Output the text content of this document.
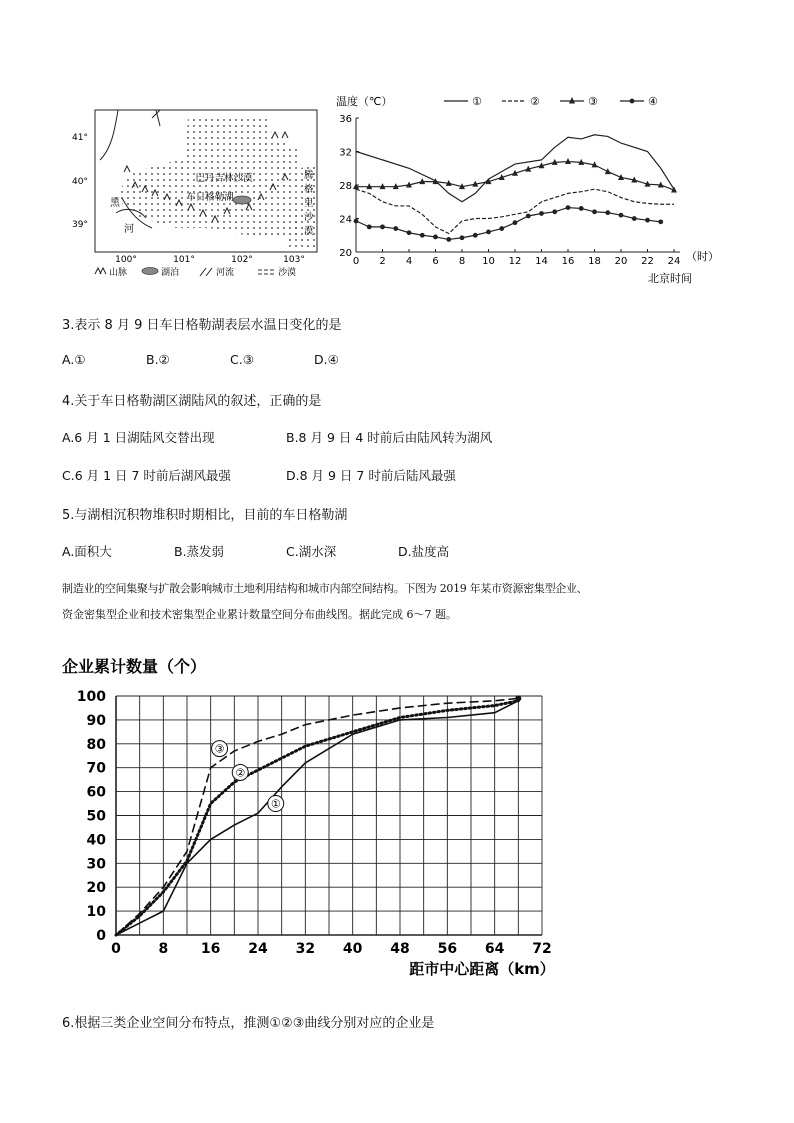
41°
40°
39°
100°	101°	102°	103°
巴丹吉林沙漠
车日格勒湖
黑
河
腾
格
里
沙
漠
山脉	湖泊	河流	沙漠
温度（℃）	①	②	③	④
0 2 4 6 8 10 12 14 16 18 20 22 24
20
24
28
32
36
（时）
北京时间
3.表示 8 月 9 日车日格勒湖表层水温日变化的是
A.①	B.②	C.③	D.④
4.关于车日格勒湖区湖陆风的叙述，正确的是
A.6 月 1 日湖陆风交替出现	B.8 月 9 日 4 时前后由陆风转为湖风
C.6 月 1 日 7 时前后湖风最强	D.8 月 9 日 7 时前后陆风最强
5.与湖相沉积物堆积时期相比，目前的车日格勒湖
A.面积大	B.蒸发弱	C.湖水深	D.盐度高
制造业的空间集聚与扩散会影响城市土地利用结构和城市内部空间结构。下图为 2019 年某市资源密集型企业、
资金密集型企业和技术密集型企业累计数量空间分布曲线图。据此完成 6～7 题。
企业累计数量（个）
0	8 16 24 32 40 48 56 64 72
0
10
20
30
40
50
60
70
80
90
100
①
②
③
距市中心距离（km）
6.根据三类企业空间分布特点，推测①②③曲线分别对应的企业是
